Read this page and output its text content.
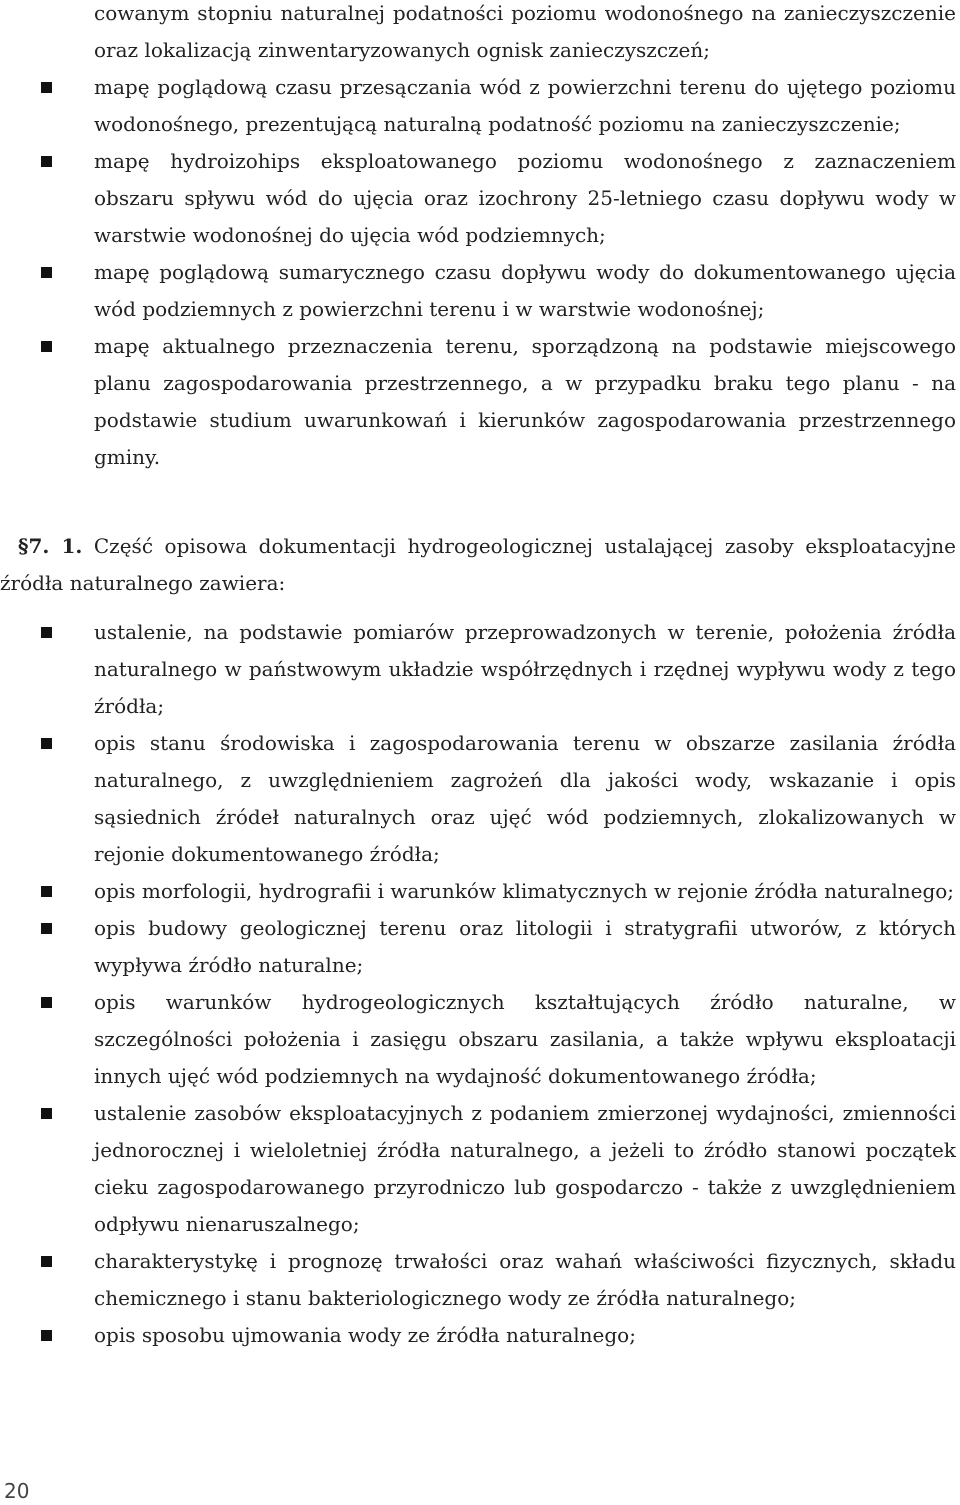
cowanym stopniu naturalnej podatności poziomu wodonośnego na zanieczyszczenie oraz lokalizacją zinwentaryzowanych ognisk zanieczyszczeń;
mapę poglądową czasu przesączania wód z powierzchni terenu do ujętego poziomu wodonośnego, prezentującą naturalną podatność poziomu na zanieczyszczenie;
mapę hydroizohips eksploatowanego poziomu wodonośnego z zaznaczeniem obszaru spływu wód do ujęcia oraz izochrony 25-letniego czasu dopływu wody w warstwie wodonośnej do ujęcia wód podziemnych;
mapę poglądową sumarycznego czasu dopływu wody do dokumentowanego ujęcia wód podziemnych z powierzchni terenu i w warstwie wodonośnej;
mapę aktualnego przeznaczenia terenu, sporządzoną na podstawie miejscowego planu zagospodarowania przestrzennego, a w przypadku braku tego planu - na podstawie studium uwarunkowań i kierunków zagospodarowania przestrzennego gminy.

§7. 1. Część opisowa dokumentacji hydrogeologicznej ustalającej zasoby eksploatacyjne źródła naturalnego zawiera:

ustalenie, na podstawie pomiarów przeprowadzonych w terenie, położenia źródła naturalnego w państwowym układzie współrzędnych i rzędnej wypływu wody z tego źródła;
opis stanu środowiska i zagospodarowania terenu w obszarze zasilania źródła naturalnego, z uwzględnieniem zagrożeń dla jakości wody, wskazanie i opis sąsiednich źródeł naturalnych oraz ujęć wód podziemnych, zlokalizowanych w rejonie dokumentowanego źródła;
opis morfologii, hydrografii i warunków klimatycznych w rejonie źródła naturalnego;
opis budowy geologicznej terenu oraz litologii i stratygrafii utworów, z których wypływa źródło naturalne;
opis warunków hydrogeologicznych kształtujących źródło naturalne, w szczególności położenia i zasięgu obszaru zasilania, a także wpływu eksploatacji innych ujęć wód podziemnych na wydajność dokumentowanego źródła;
ustalenie zasobów eksploatacyjnych z podaniem zmierzonej wydajności, zmienności jednorocznej i wieloletniej źródła naturalnego, a jeżeli to źródło stanowi początek cieku zagospodarowanego przyrodniczo lub gospodarczo - także z uwzględnieniem odpływu nienaruszalnego;
charakterystykę i prognozę trwałości oraz wahań właściwości fizycznych, składu chemicznego i stanu bakteriologicznego wody ze źródła naturalnego;
opis sposobu ujmowania wody ze źródła naturalnego;
20
